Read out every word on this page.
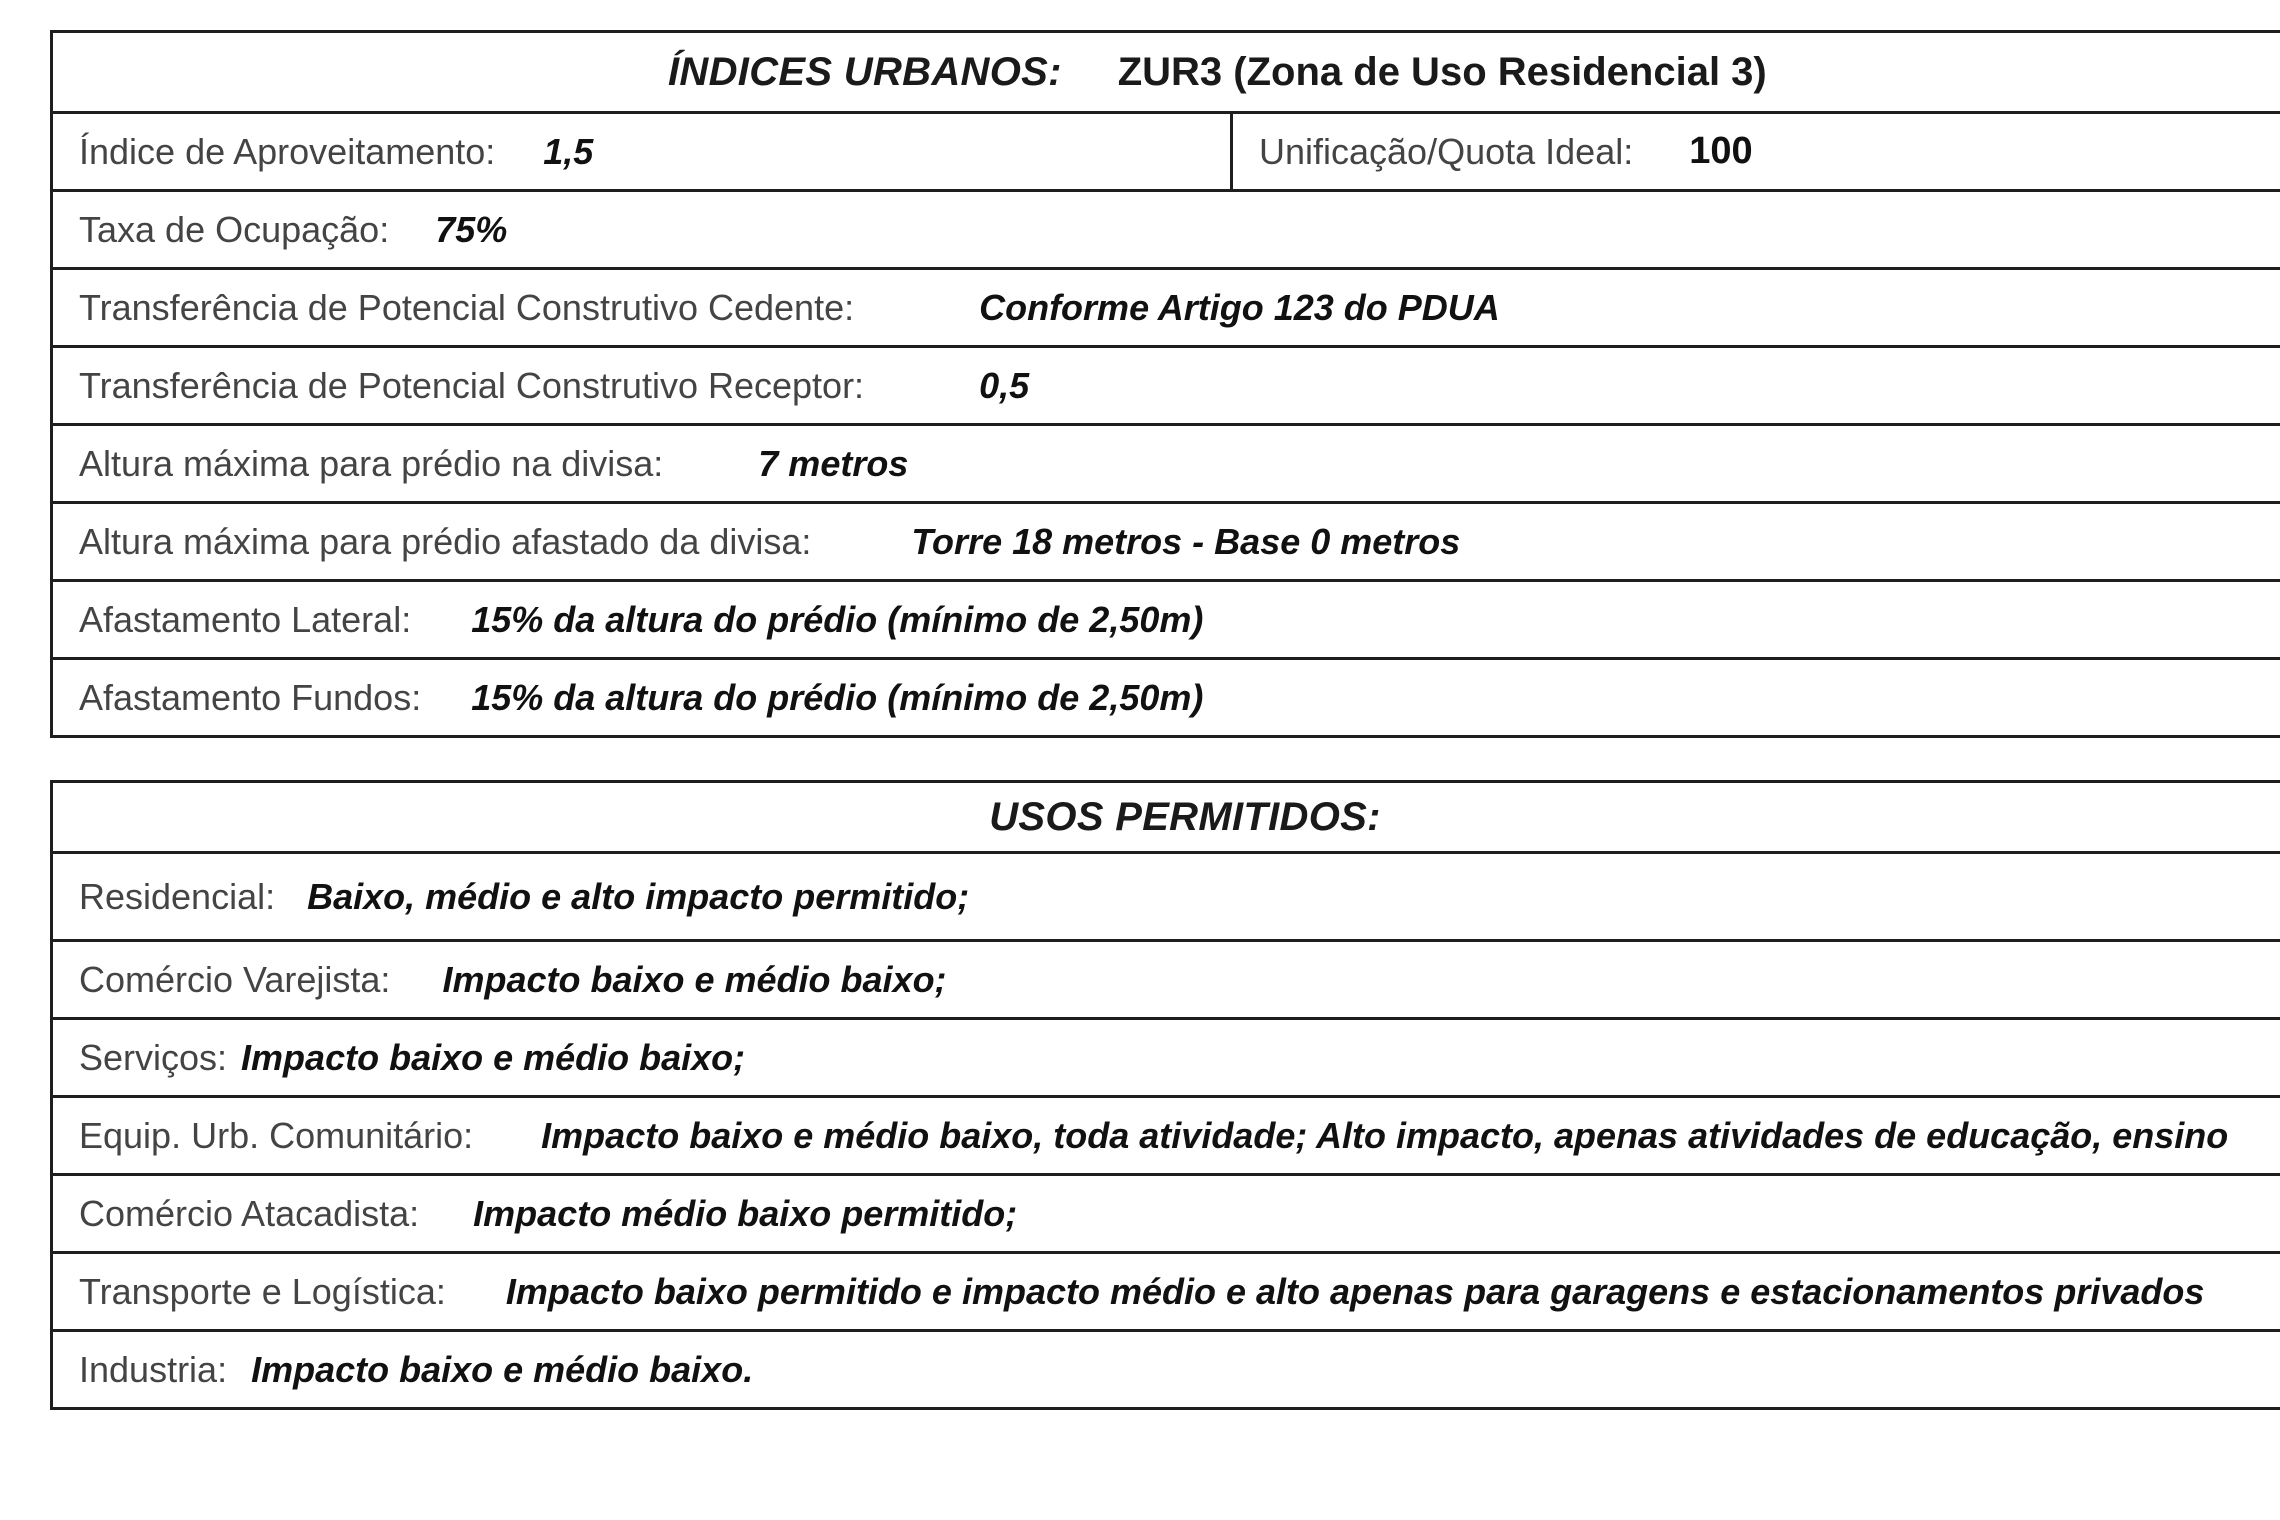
ÍNDICES URBANOS: ZUR3 (Zona de Uso Residencial 3)
Índice de Aproveitamento: 1,5	Unificação/Quota Ideal: 100
Taxa de Ocupação: 75%
Transferência de Potencial Construtivo Cedente:	Conforme Artigo 123 do PDUA
Transferência de Potencial Construtivo Receptor:	0,5
Altura máxima para prédio na divisa:	7 metros
Altura máxima para prédio afastado da divisa:	Torre 18 metros - Base 0 metros
Afastamento Lateral: 15% da altura do prédio (mínimo de 2,50m)
Afastamento Fundos: 15% da altura do prédio (mínimo de 2,50m)
USOS PERMITIDOS:
Residencial: Baixo, médio e alto impacto permitido;
Comércio Varejista: Impacto baixo e médio baixo;
Serviços: Impacto baixo e médio baixo;
Equip. Urb. Comunitário: Impacto baixo e médio baixo, toda atividade; Alto impacto, apenas atividades de educação, ensino
Comércio Atacadista: Impacto médio baixo permitido;
Transporte e Logística: Impacto baixo permitido e impacto médio e alto apenas para garagens e estacionamentos privados
Industria: Impacto baixo e médio baixo.
